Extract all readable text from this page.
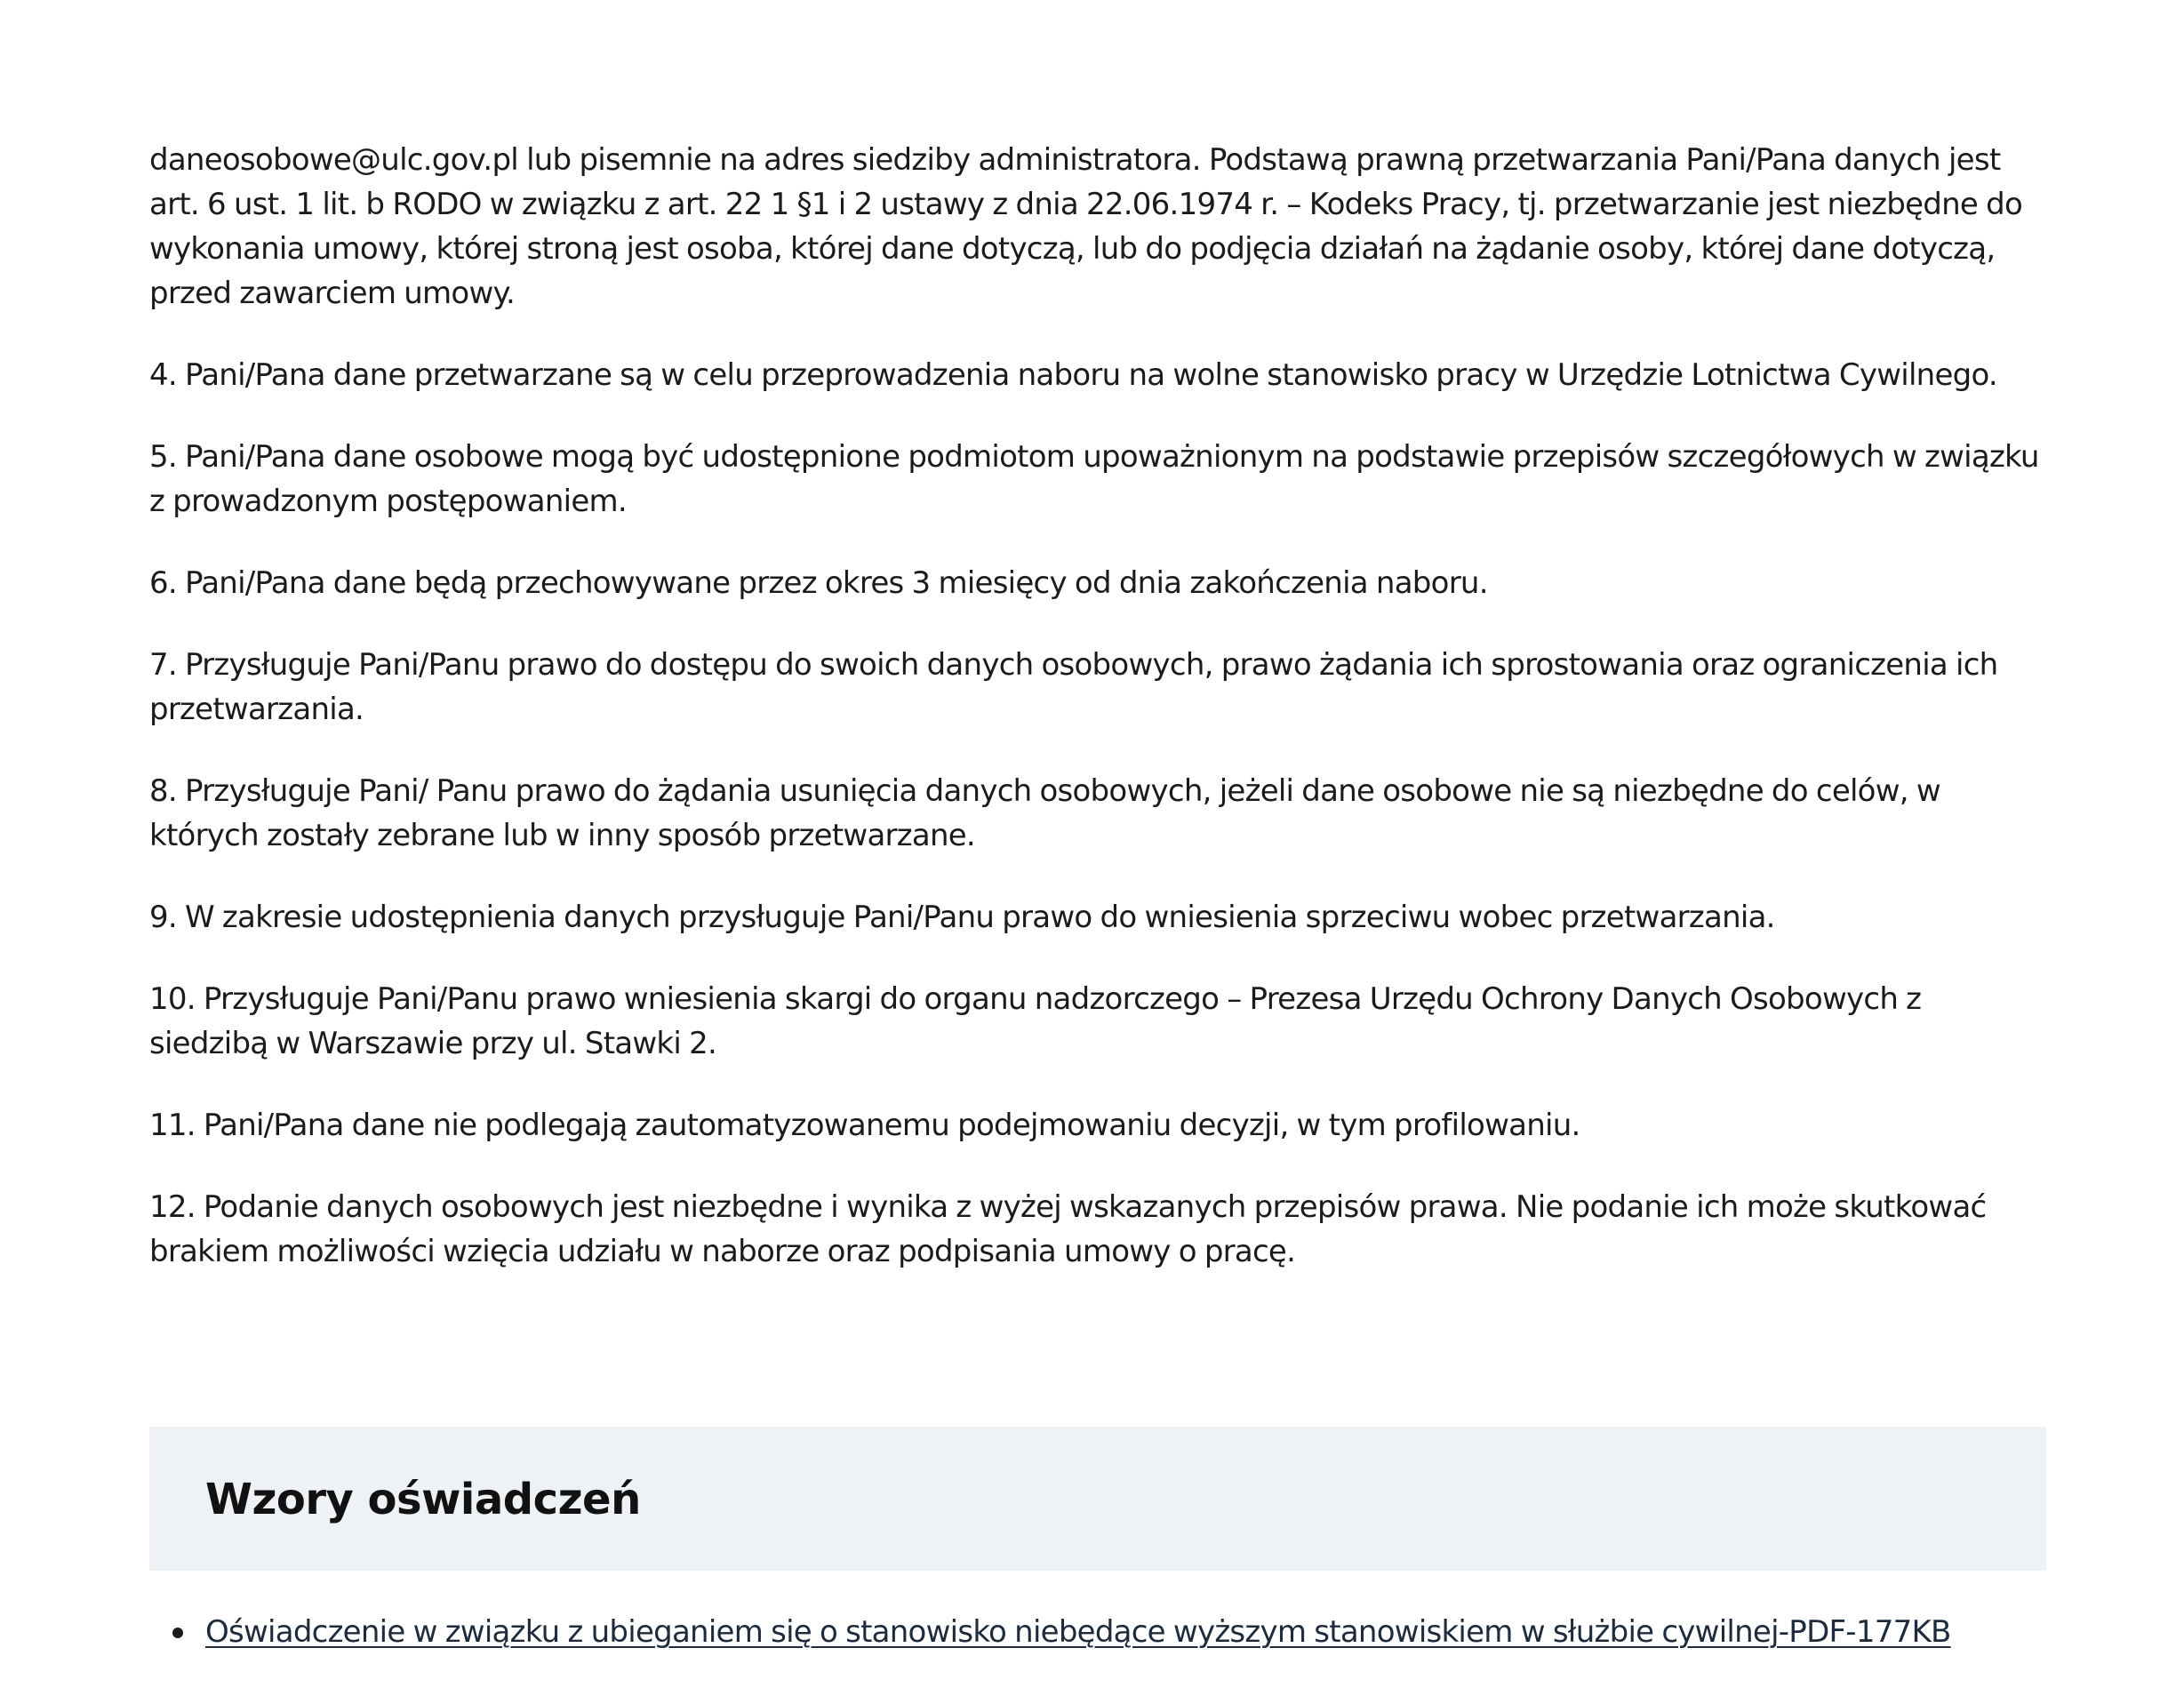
daneosobowe@ulc.gov.pl lub pisemnie na adres siedziby administratora. Podstawą prawną przetwarzania Pani/Pana danych jest art. 6 ust. 1 lit. b RODO w związku z art. 22 1 §1 i 2 ustawy z dnia 22.06.1974 r. – Kodeks Pracy, tj. przetwarzanie jest niezbędne do wykonania umowy, której stroną jest osoba, której dane dotyczą, lub do podjęcia działań na żądanie osoby, której dane dotyczą, przed zawarciem umowy.

4. Pani/Pana dane przetwarzane są w celu przeprowadzenia naboru na wolne stanowisko pracy w Urzędzie Lotnictwa Cywilnego.

5. Pani/Pana dane osobowe mogą być udostępnione podmiotom upoważnionym na podstawie przepisów szczegółowych w związku z prowadzonym postępowaniem.

6. Pani/Pana dane będą przechowywane przez okres 3 miesięcy od dnia zakończenia naboru.

7. Przysługuje Pani/Panu prawo do dostępu do swoich danych osobowych, prawo żądania ich sprostowania oraz ograniczenia ich przetwarzania.

8. Przysługuje Pani/ Panu prawo do żądania usunięcia danych osobowych, jeżeli dane osobowe nie są niezbędne do celów, w których zostały zebrane lub w inny sposób przetwarzane.

9. W zakresie udostępnienia danych przysługuje Pani/Panu prawo do wniesienia sprzeciwu wobec przetwarzania.

10. Przysługuje Pani/Panu prawo wniesienia skargi do organu nadzorczego – Prezesa Urzędu Ochrony Danych Osobowych z siedzibą w Warszawie przy ul. Stawki 2.

11. Pani/Pana dane nie podlegają zautomatyzowanemu podejmowaniu decyzji, w tym profilowaniu.

12. Podanie danych osobowych jest niezbędne i wynika z wyżej wskazanych przepisów prawa. Nie podanie ich może skutkować brakiem możliwości wzięcia udziału w naborze oraz podpisania umowy o pracę.

Wzory oświadczeń
Oświadczenie w związku z ubieganiem się o stanowisko niebędące wyższym stanowiskiem w służbie cywilnej-PDF-177KB
